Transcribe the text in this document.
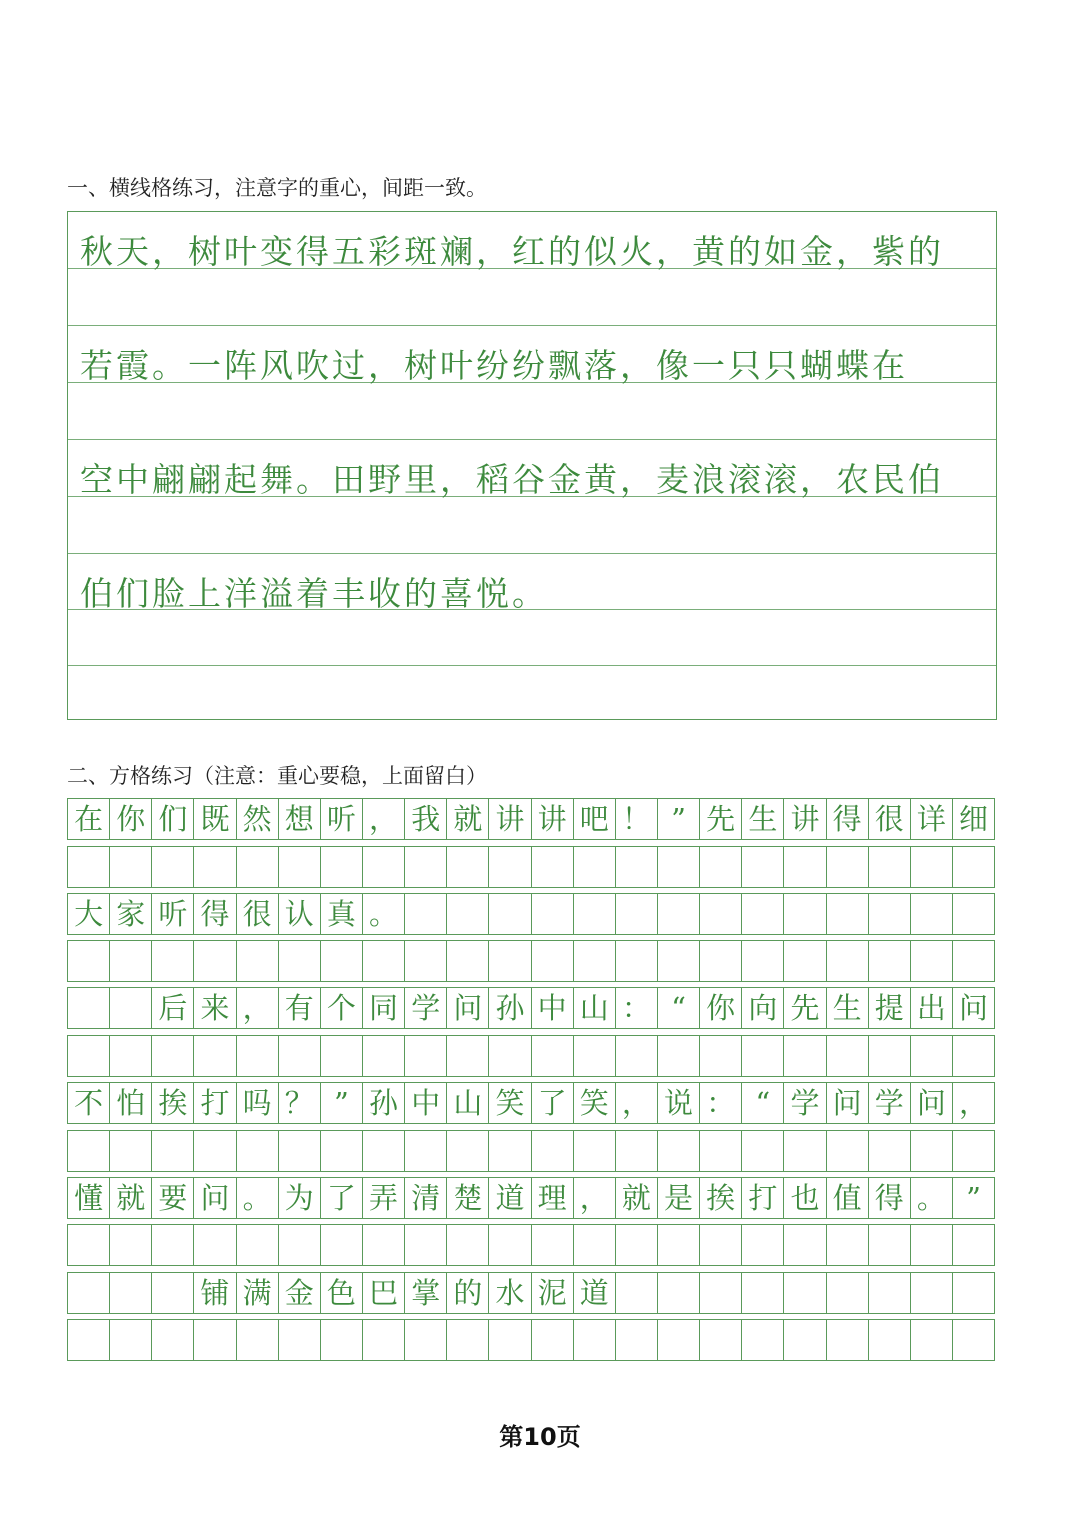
一、横线格练习，注意字的重心，间距一致。
秋天，树叶变得五彩斑斓，红的似火，黄的如金，紫的
若霞。一阵风吹过，树叶纷纷飘落，像一只只蝴蝶在
空中翩翩起舞。田野里，稻谷金黄，麦浪滚滚，农民伯
伯们脸上洋溢着丰收的喜悦。
二、方格练习（注意：重心要稳，上面留白）
在 你 们 既 然 想 听 ， 我 就 讲 讲 吧 ！ ” 先 生 讲 得 很 详 细
大 家 听 得 很 认 真 。
后 来 ， 有 个 同 学 问 孙 中 山 ： “ 你 向 先 生 提 出 问
不 怕 挨 打 吗 ？ ” 孙 中 山 笑 了 笑 ， 说 ： “ 学 问 学 问 ，
懂 就 要 问 。 为 了 弄 清 楚 道 理 ， 就 是 挨 打 也 值 得 。 ”
铺 满 金 色 巴 掌 的 水 泥 道
第10页
